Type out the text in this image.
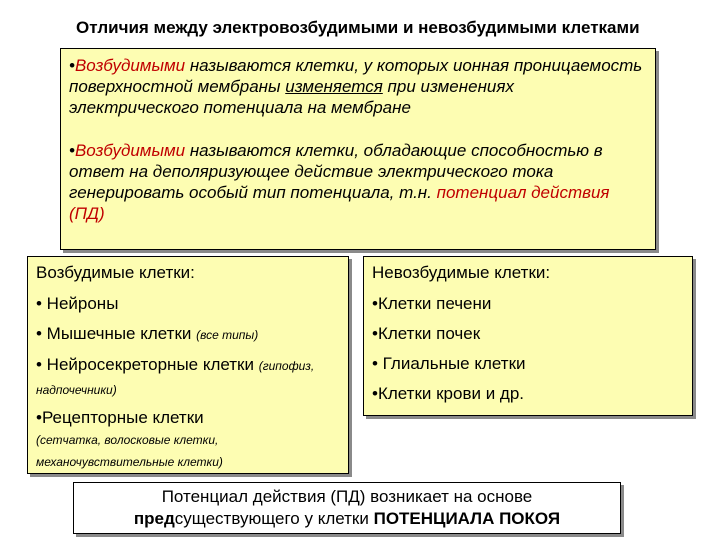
Отличия между электровозбудимыми и невозбудимыми клетками

•Возбудимыми называются клетки, у которых ионная проницаемость поверхностной мембраны изменяется при изменениях электрического потенциала на мембране

•Возбудимыми называются клетки, обладающие способностью в ответ на деполяризующее действие электрического тока генерировать особый тип потенциала, т.н. потенциал действия (ПД)

Возбудимые клетки:
• Нейроны
• Мышечные клетки (все типы)
• Нейросекреторные клетки (гипофиз,
надпочечники)
•Рецепторные клетки
(сетчатка, волосковые клетки,
механочувствительные клетки)
Невозбудимые клетки:
•Клетки печени
•Клетки почек
• Глиальные клетки
•Клетки крови и др.
Потенциал действия (ПД) возникает на основе
предсуществующего у клетки ПОТЕНЦИАЛА ПОКОЯ
